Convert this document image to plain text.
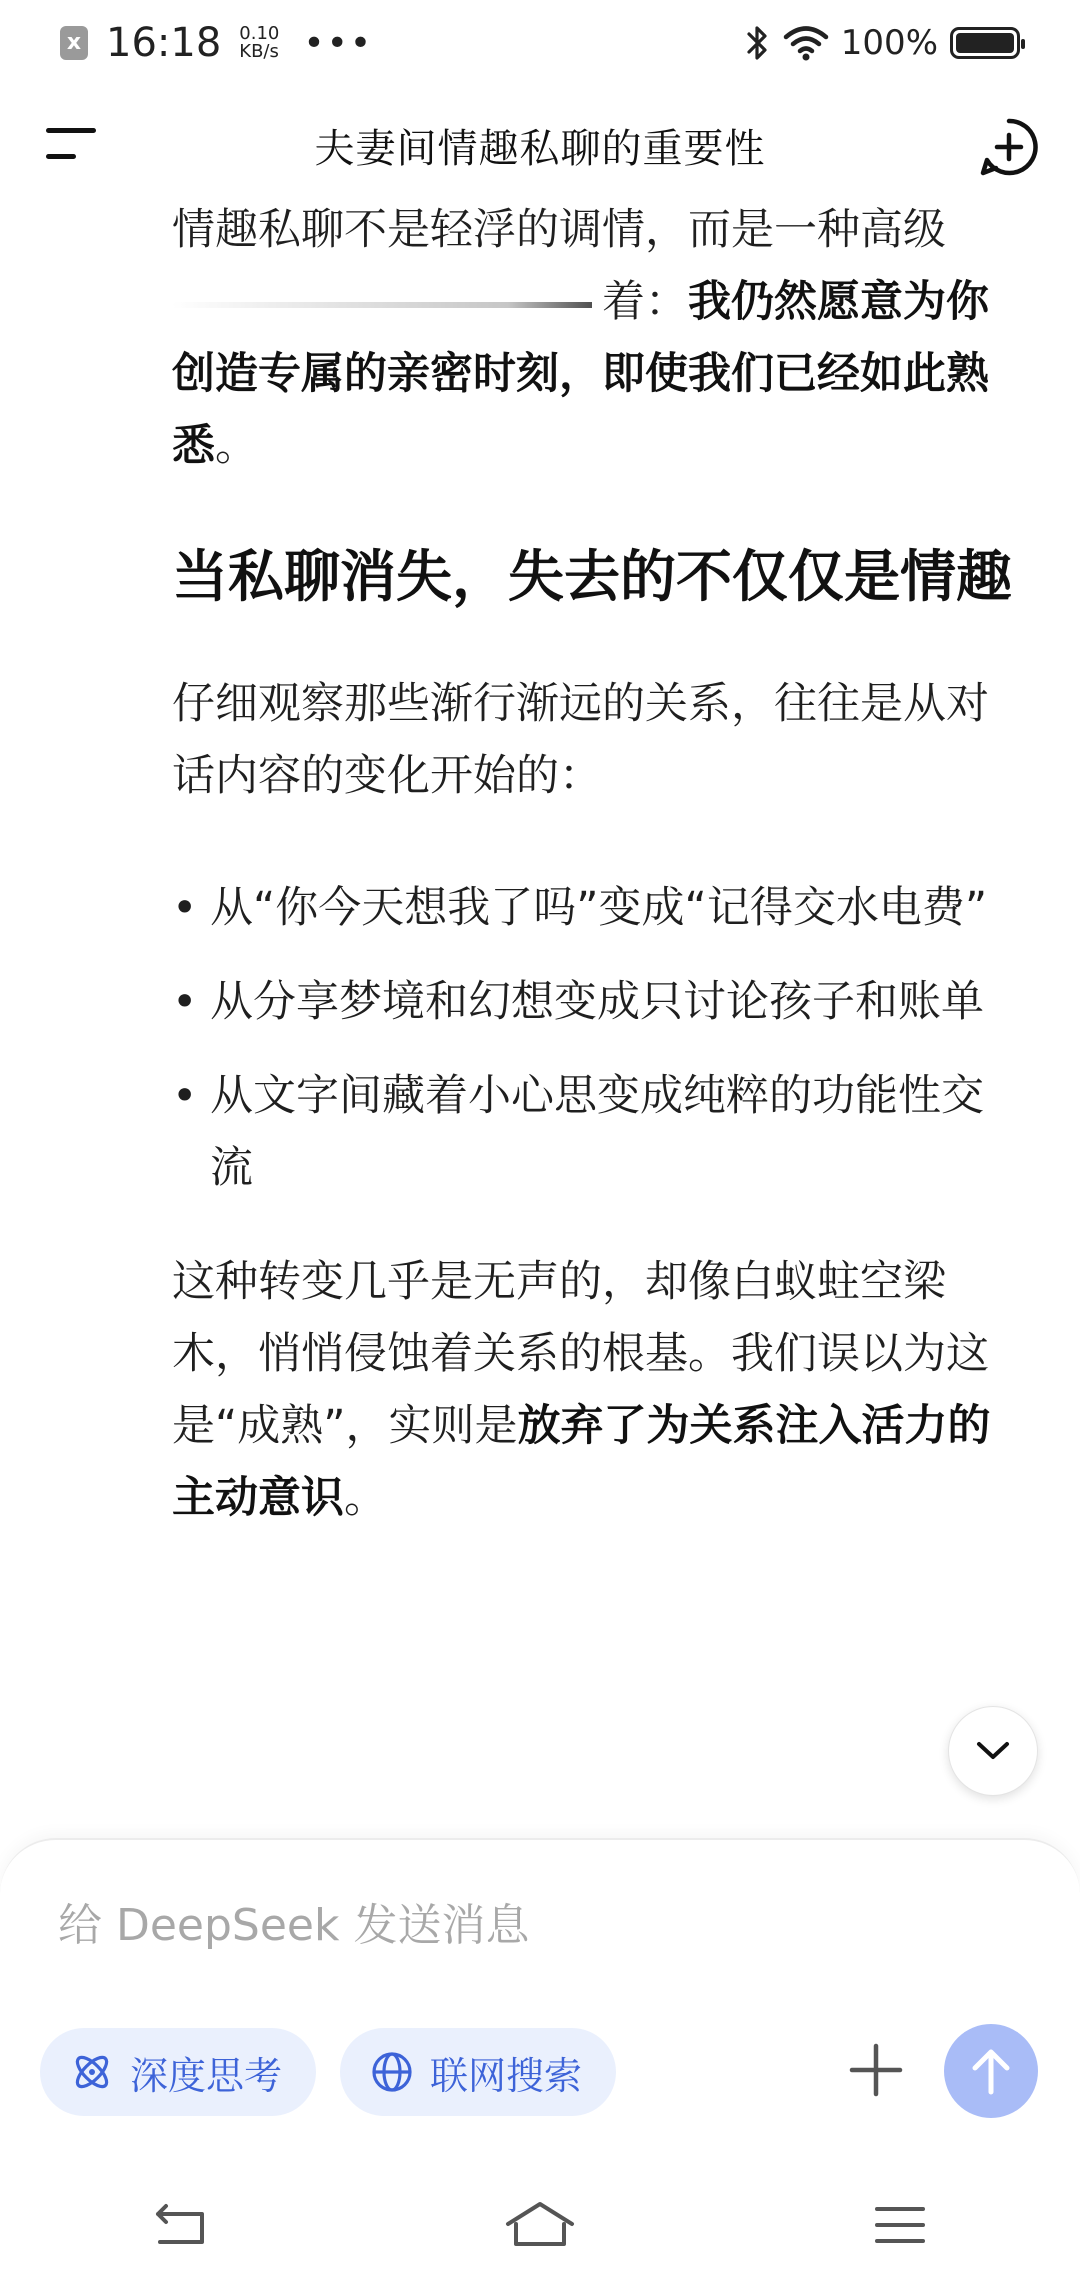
x 16:18 0.10
KB/s •••	100%
夫妻间情趣私聊的重要性
情趣私聊不是轻浮的调情，而是一种高级
着：我仍然愿意为你创造专属的亲密时刻，即使我们已经如此熟悉。
当私聊消失，失去的不仅仅是情趣
仔细观察那些渐行渐远的关系，往往是从对话内容的变化开始的：
• 从“你今天想我了吗”变成“记得交水电费”
• 从分享梦境和幻想变成只讨论孩子和账单
• 从文字间藏着小心思变成纯粹的功能性交流
这种转变几乎是无声的，却像白蚁蛀空梁木，悄悄侵蚀着关系的根基。我们误以为这是“成熟”，实则是放弃了为关系注入活力的主动意识。
给 DeepSeek 发送消息
深度思考	联网搜索
